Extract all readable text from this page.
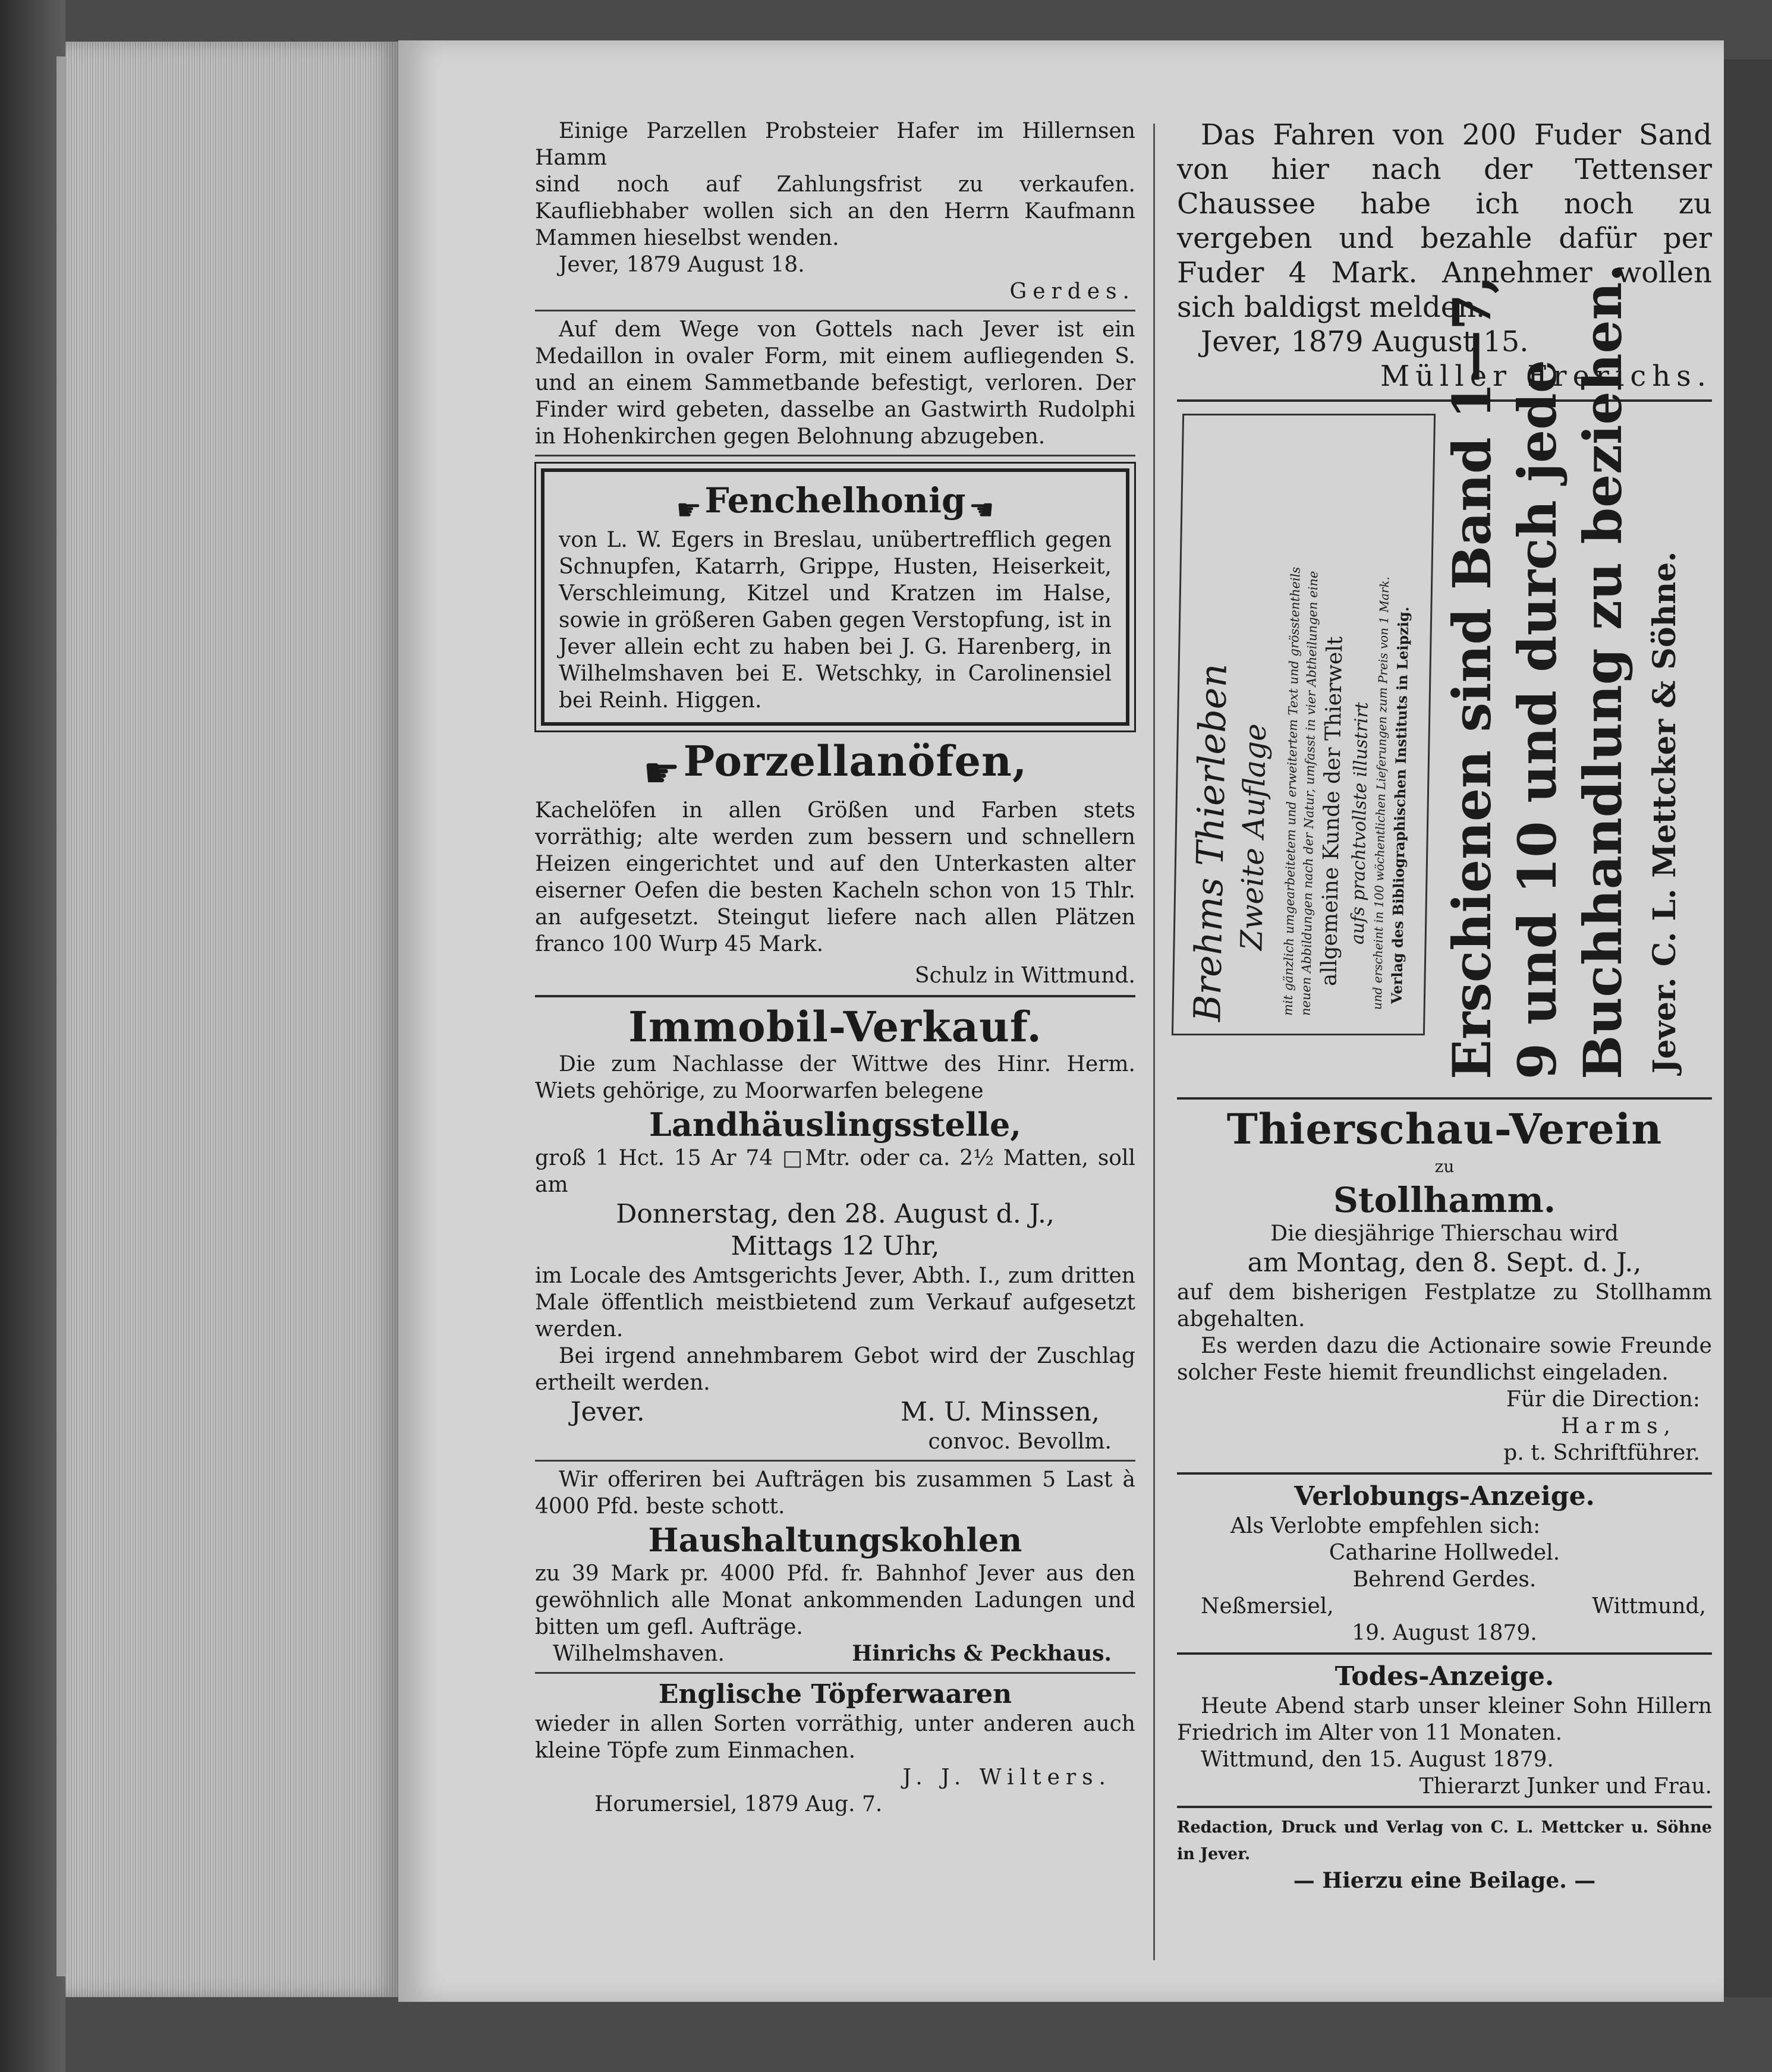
Einige Parzellen Probsteier Hafer im Hillernsen Hamm

sind noch auf Zahlungsfrist zu verkaufen. Kaufliebhaber wollen sich an den Herrn Kaufmann Mammen hieselbst wenden.

Jever, 1879 August 18.

Gerdes.

Auf dem Wege von Gottels nach Jever ist ein Medaillon in ovaler Form, mit einem aufliegenden S. und an einem Sammetbande befestigt, verloren. Der Finder wird gebeten, dasselbe an Gastwirth Rudolphi in Hohenkirchen gegen Belohnung abzugeben.

☛ Fenchelhonig ☚

von L. W. Egers in Breslau, unübertrefflich gegen Schnupfen, Katarrh, Grippe, Husten, Heiserkeit, Verschleimung, Kitzel und Kratzen im Halse, sowie in größeren Gaben gegen Verstopfung, ist in Jever allein echt zu haben bei J. G. Harenberg, in Wilhelmshaven bei E. Wetschky, in Carolinensiel bei Reinh. Higgen.

☛ Porzellanöfen,

Kachelöfen in allen Größen und Farben stets vorräthig; alte werden zum bessern und schnellern Heizen eingerichtet und auf den Unterkasten alter eiserner Oefen die besten Kacheln schon von 15 Thlr. an aufgesetzt. Steingut liefere nach allen Plätzen franco 100 Wurp 45 Mark.

Schulz in Wittmund.

Immobil-Verkauf.

Die zum Nachlasse der Wittwe des Hinr. Herm. Wiets gehörige, zu Moorwarfen belegene

Landhäuslingsstelle,

groß 1 Hct. 15 Ar 74 □Mtr. oder ca. 2½ Matten, soll am

Donnerstag, den 28. August d. J.,

Mittags 12 Uhr,

im Locale des Amtsgerichts Jever, Abth. I., zum dritten Male öffentlich meistbietend zum Verkauf aufgesetzt werden.

Bei irgend annehmbarem Gebot wird der Zuschlag ertheilt werden.

Jever.	M. U. Minssen,

convoc. Bevollm.

Wir offeriren bei Aufträgen bis zusammen 5 Last à 4000 Pfd. beste schott.

Haushaltungskohlen

zu 39 Mark pr. 4000 Pfd. fr. Bahnhof Jever aus den gewöhnlich alle Monat ankommenden Ladungen und bitten um gefl. Aufträge.

Wilhelmshaven.	Hinrichs & Peckhaus.

Englische Töpferwaaren

wieder in allen Sorten vorräthig, unter anderen auch kleine Töpfe zum Einmachen.

J. J. Wilters.

Horumersiel, 1879 Aug. 7.

Das Fahren von 200 Fuder Sand von hier nach der Tettenser Chaussee habe ich noch zu vergeben und bezahle dafür per Fuder 4 Mark. Annehmer wollen sich baldigst melden.

Jever, 1879 August 15.

Müller Frerichs.

Brehms Thierleben
Zweite Auflage mit gänzlich umgearbeitetem und erweitertem Text und grösstentheils
neuen Abbildungen nach der Natur, umfasst in vier Abtheilungen eine
allgemeine Kunde der Thierwelt aufs prachtvollste illustrirt
und erscheint in 100 wöchentlichen Lieferungen zum Preis von 1 Mark.
Verlag des Bibliographischen Instituts in Leipzig. Erschienen sind Band 1—7, 9 und 10 und durch jede Buchhandlung zu beziehen. Jever. C. L. Mettcker & Söhne.

Thierschau-Verein

zu

Stollhamm.

Die diesjährige Thierschau wird

am Montag, den 8. Sept. d. J.,

auf dem bisherigen Festplatze zu Stollhamm abgehalten.

Es werden dazu die Actionaire sowie Freunde solcher Feste hiemit freundlichst eingeladen.

Für die Direction:

Harms,

p. t. Schriftführer.

Verlobungs-Anzeige.

Als Verlobte empfehlen sich:

Catharine Hollwedel.

Behrend Gerdes.

Neßmersiel,	Wittmund,

19. August 1879.

Todes-Anzeige.

Heute Abend starb unser kleiner Sohn Hillern Friedrich im Alter von 11 Monaten.

Wittmund, den 15. August 1879.

Thierarzt Junker und Frau.

Redaction, Druck und Verlag von C. L. Mettcker u. Söhne in Jever.

— Hierzu eine Beilage. —
